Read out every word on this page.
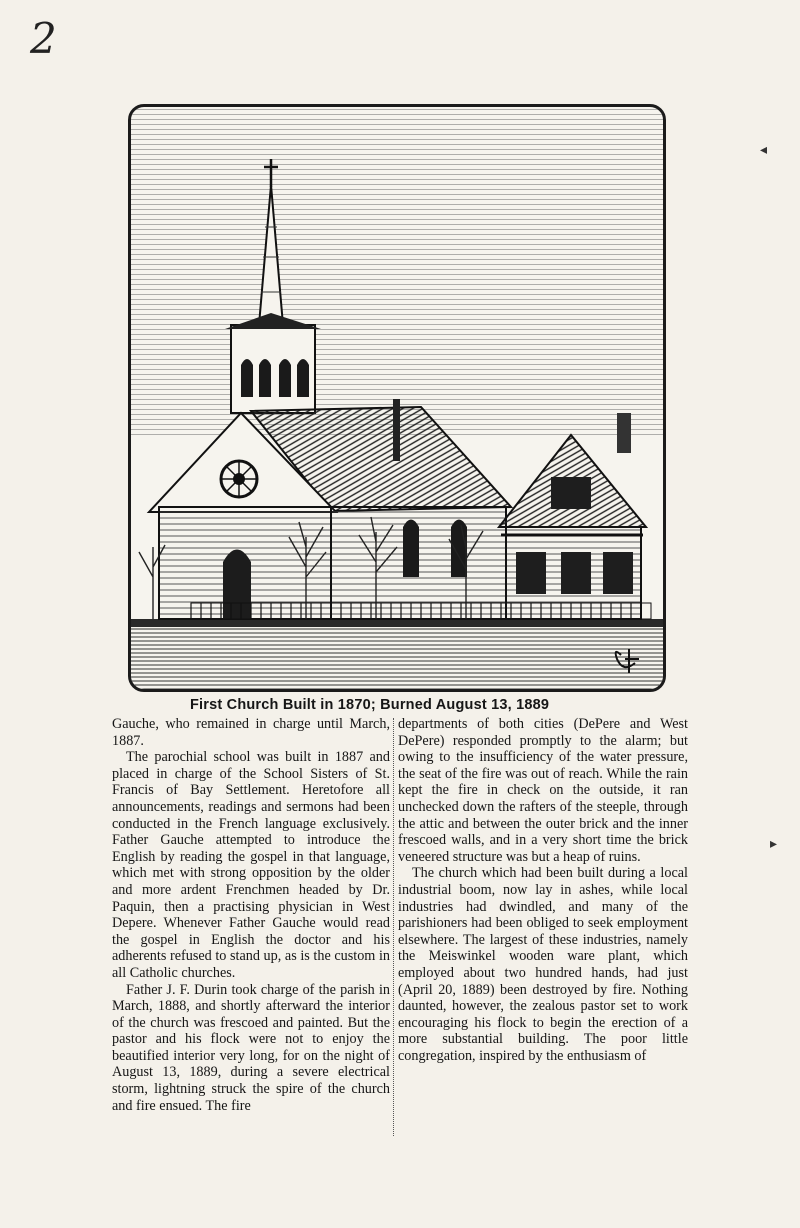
2
First Church Built in 1870; Burned August 13, 1889

Gauche, who remained in charge until March, 1887.

The parochial school was built in 1887 and placed in charge of the School Sisters of St. Francis of Bay Settlement. Heretofore all announcements, readings and sermons had been conducted in the French language exclusively. Father Gauche attempted to introduce the English by reading the gospel in that language, which met with strong opposition by the older and more ardent Frenchmen headed by Dr. Paquin, then a practising physician in West Depere. Whenever Father Gauche would read the gospel in English the doctor and his adherents refused to stand up, as is the custom in all Catholic churches.

Father J. F. Durin took charge of the parish in March, 1888, and shortly afterward the interior of the church was frescoed and painted. But the pastor and his flock were not to enjoy the beautified interior very long, for on the night of August 13, 1889, during a severe electrical storm, lightning struck the spire of the church and fire ensued. The fire

departments of both cities (DePere and West DePere) responded promptly to the alarm; but owing to the insufficiency of the water pressure, the seat of the fire was out of reach. While the rain kept the fire in check on the outside, it ran unchecked down the rafters of the steeple, through the attic and between the outer brick and the inner frescoed walls, and in a very short time the brick veneered structure was but a heap of ruins.

The church which had been built during a local industrial boom, now lay in ashes, while local industries had dwindled, and many of the parishioners had been obliged to seek employment elsewhere. The largest of these industries, namely the Meiswinkel wooden ware plant, which employed about two hundred hands, had just (April 20, 1889) been destroyed by fire. Nothing daunted, however, the zealous pastor set to work encouraging his flock to begin the erection of a more substantial building. The poor little congregation, inspired by the enthusiasm of

◂
▸
